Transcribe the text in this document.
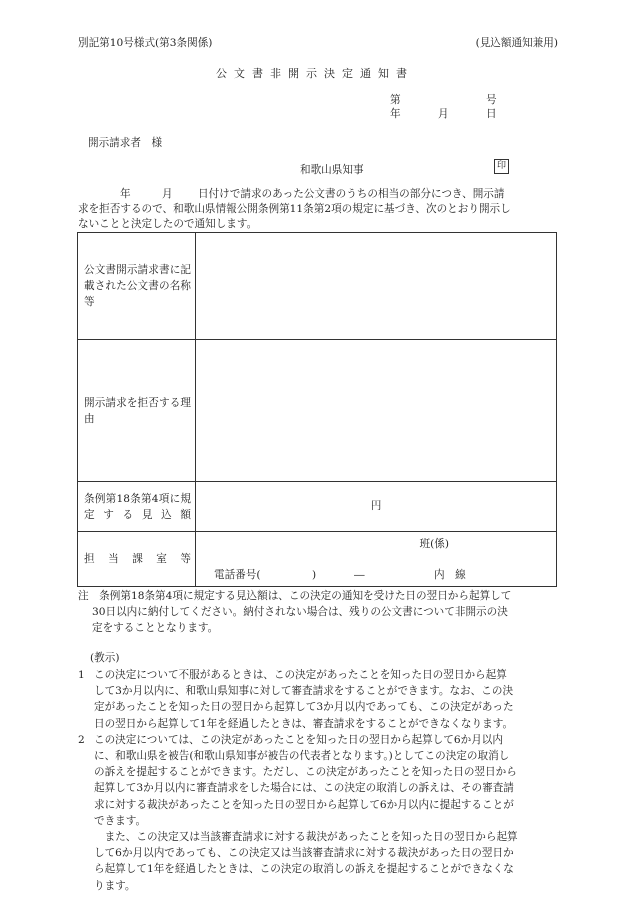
別記第10号様式(第3条関係)	(見込額通知兼用)
公文書非開示決定通知書
第	号
年	月	日
開示請求者　様
和歌山県知事	印
年	月 日付けで請求のあった公文書のうちの相当の部分につき、開示請
求を拒否するので、和歌山県情報公開条例第11条第2項の規定に基づき、次のとおり開示し
ないことと決定したので通知します。
公文書開示請求書に記載された公文書の名称等	
開示請求を拒否する理由	
条例第18条第4項に規定する見込額	円
担当課室等	班(係)
電話番号( ) ― 内　線
注　条例第18条第4項に規定する見込額は、この決定の通知を受けた日の翌日から起算して
30日以内に納付してください。納付されない場合は、残りの公文書について非開示の決
定をすることとなります。
(教示)
1 この決定について不服があるときは、この決定があったことを知った日の翌日から起算
して3か月以内に、和歌山県知事に対して審査請求をすることができます。なお、この決
定があったことを知った日の翌日から起算して3か月以内であっても、この決定があった
日の翌日から起算して1年を経過したときは、審査請求をすることができなくなります。
2 この決定については、この決定があったことを知った日の翌日から起算して6か月以内
に、和歌山県を被告(和歌山県知事が被告の代表者となります。)としてこの決定の取消し
の訴えを提起することができます。ただし、この決定があったことを知った日の翌日から
起算して3か月以内に審査請求をした場合には、この決定の取消しの訴えは、その審査請
求に対する裁決があったことを知った日の翌日から起算して6か月以内に提起することが
できます。
　また、この決定又は当該審査請求に対する裁決があったことを知った日の翌日から起算
して6か月以内であっても、この決定又は当該審査請求に対する裁決があった日の翌日か
ら起算して1年を経過したときは、この決定の取消しの訴えを提起することができなくな
ります。
